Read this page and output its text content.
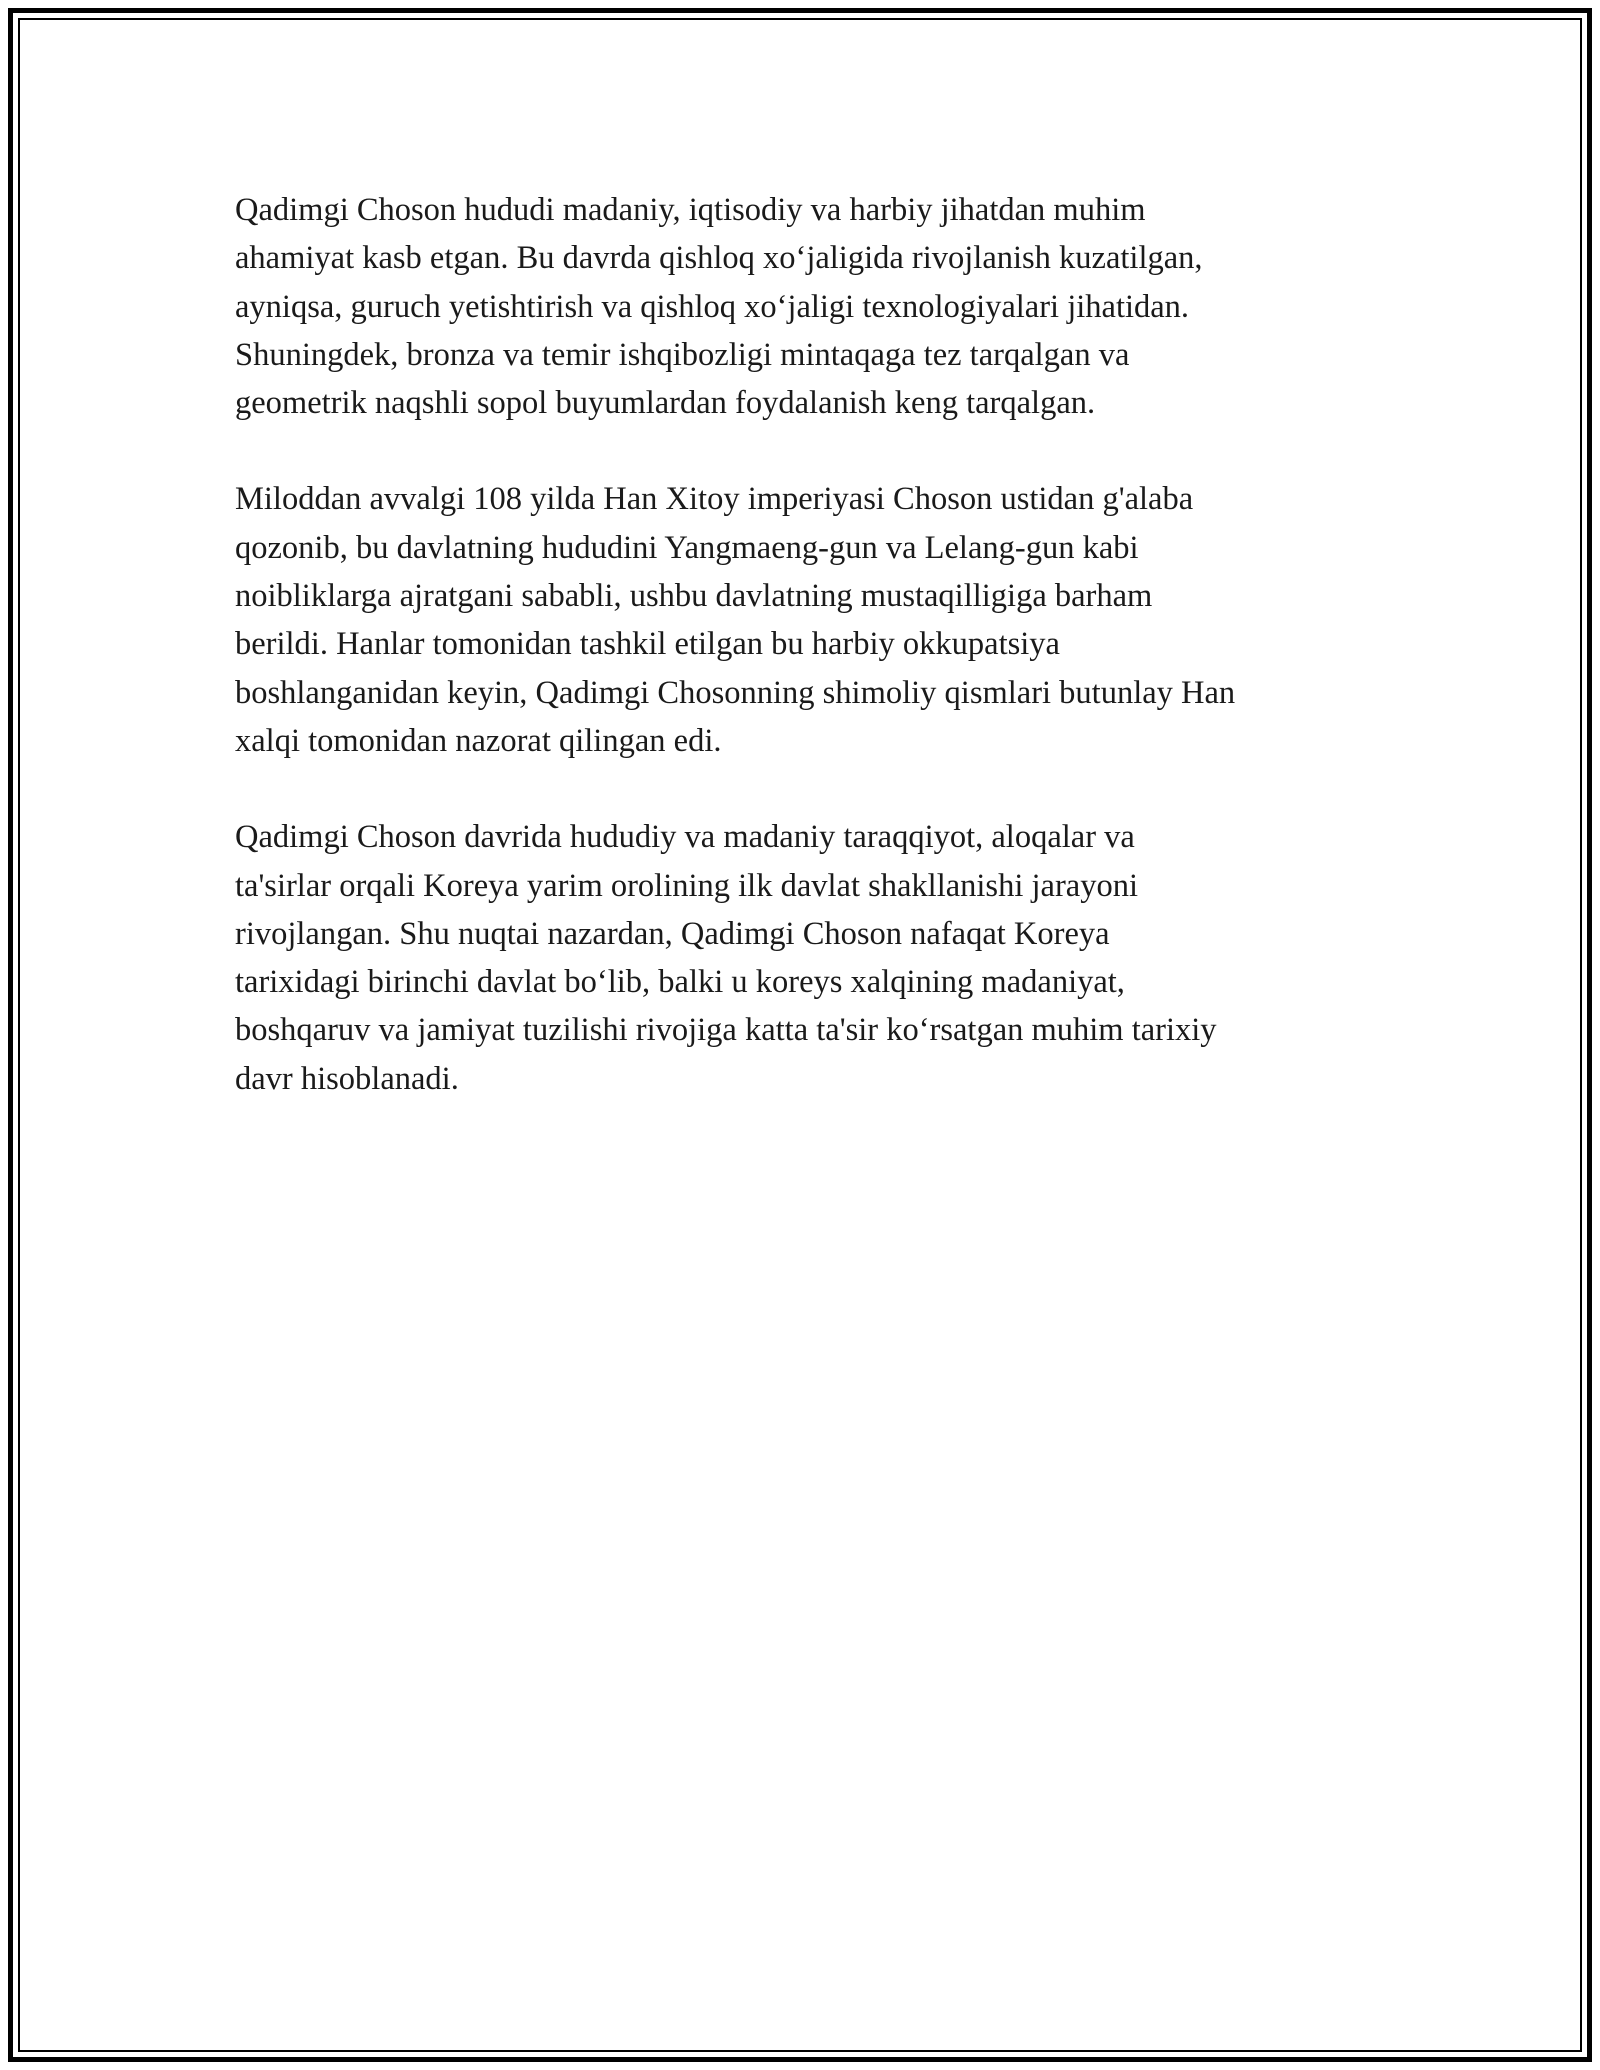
Qadimgi Choson hududi madaniy, iqtisodiy va harbiy jihatdan muhim
ahamiyat kasb etgan. Bu davrda qishloq xoʻjaligida rivojlanish kuzatilgan,
ayniqsa, guruch yetishtirish va qishloq xoʻjaligi texnologiyalari jihatidan.
Shuningdek, bronza va temir ishqibozligi mintaqaga tez tarqalgan va
geometrik naqshli sopol buyumlardan foydalanish keng tarqalgan.

Miloddan avvalgi 108 yilda Han Xitoy imperiyasi Choson ustidan g'alaba
qozonib, bu davlatning hududini Yangmaeng-gun va Lelang-gun kabi
noibliklarga ajratgani sababli, ushbu davlatning mustaqilligiga barham
berildi. Hanlar tomonidan tashkil etilgan bu harbiy okkupatsiya
boshlanganidan keyin, Qadimgi Chosonning shimoliy qismlari butunlay Han
xalqi tomonidan nazorat qilingan edi.

Qadimgi Choson davrida hududiy va madaniy taraqqiyot, aloqalar va
ta'sirlar orqali Koreya yarim orolining ilk davlat shakllanishi jarayoni
rivojlangan. Shu nuqtai nazardan, Qadimgi Choson nafaqat Koreya
tarixidagi birinchi davlat boʻlib, balki u koreys xalqining madaniyat,
boshqaruv va jamiyat tuzilishi rivojiga katta ta'sir koʻrsatgan muhim tarixiy
davr hisoblanadi.
